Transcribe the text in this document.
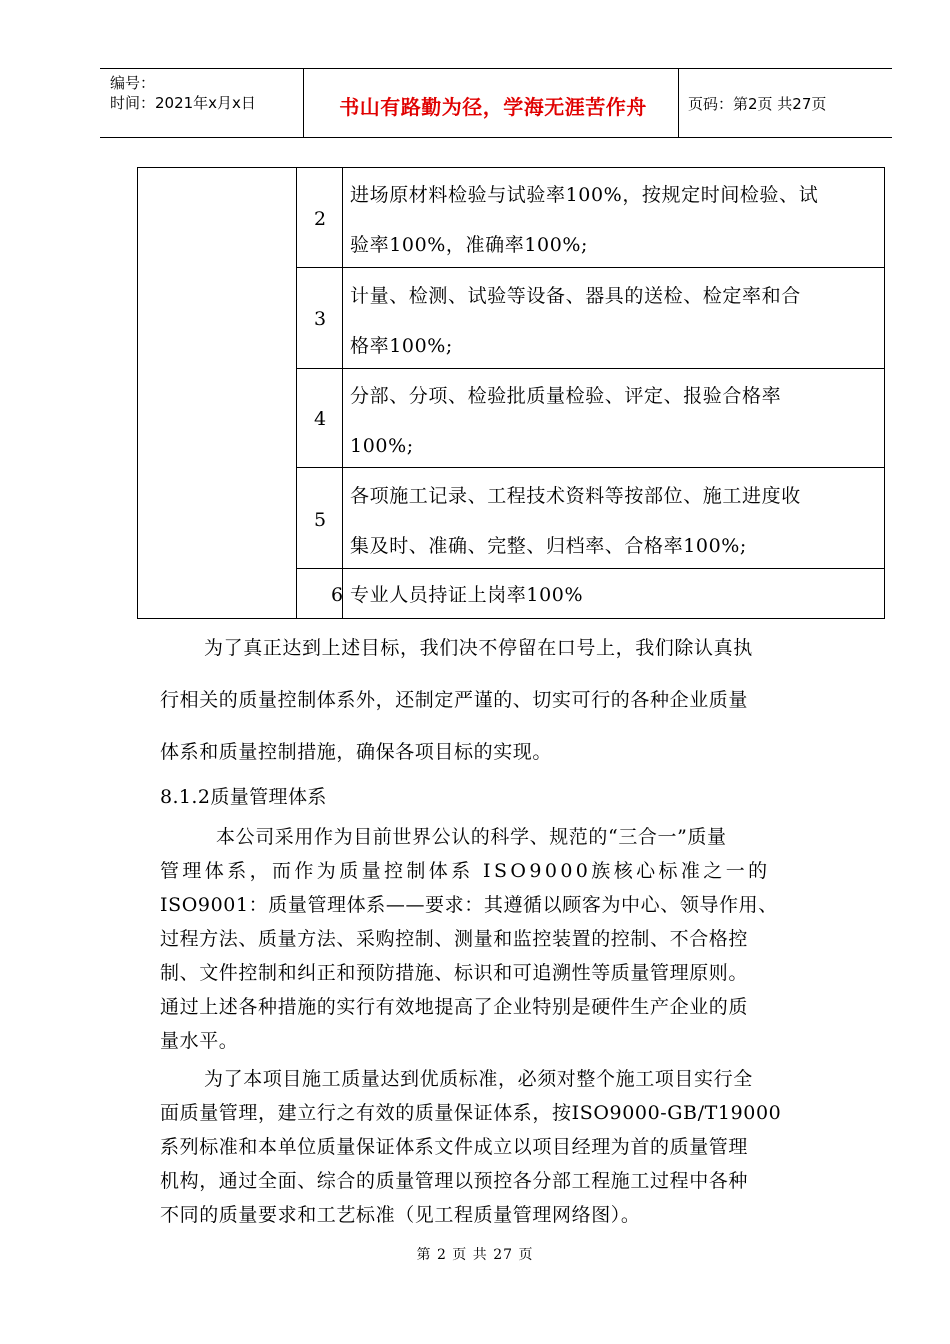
编号：
时间：2021年x月x日	书山有路勤为径，学海无涯苦作舟	页码：第2页 共27页
2
进场原材料检验与试验率100%，按规定时间检验、试
验率100%，准确率100%;
3
计量、检测、试验等设备、器具的送检、检定率和合
格率100%;
4
分部、分项、检验批质量检验、评定、报验合格率
100%;
5
各项施工记录、工程技术资料等按部位、施工进度收
集及时、准确、完整、归档率、合格率100%;
6 专业人员持证上岗率100%
为了真正达到上述目标，我们决不停留在口号上，我们除认真执
行相关的质量控制体系外，还制定严谨的、切实可行的各种企业质量
体系和质量控制措施，确保各项目标的实现。
8.1.2质量管理体系
本公司采用作为目前世界公认的科学、规范的“三合一”质量
管理体系，而作为质量控制体系 ISO9000族核心标准之一的
ISO9001：质量管理体系——要求：其遵循以顾客为中心、领导作用、
过程方法、质量方法、采购控制、测量和监控装置的控制、不合格控
制、文件控制和纠正和预防措施、标识和可追溯性等质量管理原则。
通过上述各种措施的实行有效地提高了企业特别是硬件生产企业的质
量水平。
为了本项目施工质量达到优质标准，必须对整个施工项目实行全
面质量管理，建立行之有效的质量保证体系，按ISO9000-GB/T19000
系列标准和本单位质量保证体系文件成立以项目经理为首的质量管理
机构，通过全面、综合的质量管理以预控各分部工程施工过程中各种
不同的质量要求和工艺标准（见工程质量管理网络图）。
第 2 页 共 27 页
